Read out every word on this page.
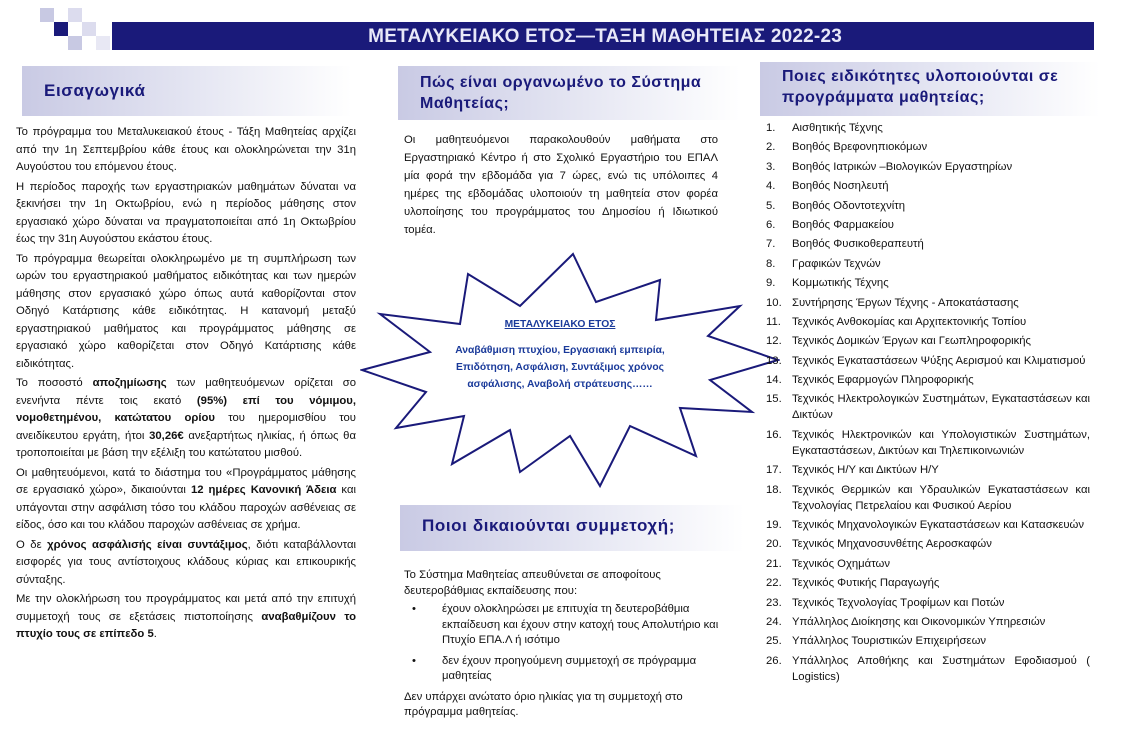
ΜΕΤΑΛΥΚΕΙΑΚΟ ΕΤΟΣ—ΤΑΞΗ ΜΑΘΗΤΕΙΑΣ 2022-23
Εισαγωγικά

Το πρόγραμμα του Μεταλυκειακού έτους - Τάξη Μαθητείας αρχίζει από την 1η Σεπτεμβρίου κάθε έτους και ολοκληρώνεται την 31η Αυγούστου του επόμενου έτους.

Η περίοδος παροχής των εργαστηριακών μαθημάτων δύναται να ξεκινήσει την 1η Οκτωβρίου, ενώ η περίοδος μάθησης στον εργασιακό χώρο δύναται να πραγματοποιείται από 1η Οκτωβρίου έως την 31η Αυγούστου εκάστου έτους.

Το πρόγραμμα θεωρείται ολοκληρωμένο με τη συμπλήρωση των ωρών του εργαστηριακού μαθήματος ειδικότητας και των ημερών μάθησης στον εργασιακό χώρο όπως αυτά καθορίζονται στον Οδηγό Κατάρτισης κάθε ειδικότητας. Η κατανομή μεταξύ εργαστηριακού μαθήματος και προγράμματος μάθησης σε εργασιακό χώρο καθορίζεται στον Οδηγό Κατάρτισης κάθε ειδικότητας.

Το ποσοστό αποζημίωσης των μαθητευόμενων ορίζεται σο ενενήντα πέντε τοις εκατό (95%) επί του νόμιμου, νομοθετημένου, κατώτατου ορίου του ημερομισθίου του ανειδίκευτου εργάτη, ήτοι 30,26€ ανεξαρτήτως ηλικίας, ή όπως θα τροποποιείται με βάση την εξέλιξη του κατώτατου μισθού.

Οι μαθητευόμενοι, κατά το διάστημα του «Προγράμματος μάθησης σε εργασιακό χώρο», δικαιούνται 12 ημέρες Κανονική Άδεια και υπάγονται στην ασφάλιση τόσο του κλάδου παροχών ασθένειας σε είδος, όσο και του κλάδου παροχών ασθένειας σε χρήμα.

Ο δε χρόνος ασφάλισής είναι συντάξιμος, διότι καταβάλλονται εισφορές για τους αντίστοιχους κλάδους κύριας και επικουρικής σύνταξης.

Με την ολοκλήρωση του προγράμματος και μετά από την επιτυχή συμμετοχή τους σε εξετάσεις πιστοποίησης αναβαθμίζουν το πτυχίο τους σε επίπεδο 5.

Πώς είναι οργανωμένο το Σύστημα Μαθητείας;
Οι μαθητευόμενοι παρακολουθούν μαθήματα στο Εργαστηριακό Κέντρο ή στο Σχολικό Εργαστήριο του ΕΠΑΛ μία φορά την εβδομάδα για 7 ώρες, ενώ τις υπόλοιπες 4 ημέρες της εβδομάδας υλοποιούν τη μαθητεία στον φορέα υλοποίησης του προγράμματος του Δημοσίου ή Ιδιωτικού τομέα.
ΜΕΤΑΛΥΚΕΙΑΚΟ ΕΤΟΣ
Αναβάθμιση πτυχίου, Εργασιακή εμπειρία, Επιδότηση, Ασφάλιση, Συντάξιμος χρόνος ασφάλισης, Αναβολή στράτευσης……
Ποιοι δικαιούνται συμμετοχή;

Το Σύστημα Μαθητείας απευθύνεται σε αποφοίτους δευτεροβάθμιας εκπαίδευσης που:

• έχουν ολοκληρώσει με επιτυχία τη δευτεροβάθμια εκπαίδευση και έχουν στην κατοχή τους Απολυτήριο και Πτυχίο ΕΠΑ.Λ ή ισότιμο
• δεν έχουν προηγούμενη συμμετοχή σε πρόγραμμα μαθητείας

Δεν υπάρχει ανώτατο όριο ηλικίας για τη συμμετοχή στο πρόγραμμα μαθητείας.

Ποιες ειδικότητες υλοποιούνται σε προγράμματα μαθητείας;
1.	Αισθητικής Τέχνης
2.	Βοηθός Βρεφονηπιοκόμων
3.	Βοηθός Ιατρικών –Βιολογικών Εργαστηρίων
4.	Βοηθός Νοσηλευτή
5.	Βοηθός Οδοντοτεχνίτη
6.	Βοηθός Φαρμακείου
7.	Βοηθός Φυσικοθεραπευτή
8.	Γραφικών Τεχνών
9.	Κομμωτικής Τέχνης
10. Συντήρησης Έργων Τέχνης - Αποκατάστασης
11. Τεχνικός Ανθοκομίας και Αρχιτεκτονικής Τοπίου
12. Τεχνικός Δομικών Έργων και Γεωπληροφορικής
13. Τεχνικός Εγκαταστάσεων Ψύξης Αερισμού και Κλιματισμού
14. Τεχνικός Εφαρμογών Πληροφορικής
15. Τεχνικός Ηλεκτρολογικών Συστημάτων, Εγκαταστάσεων και Δικτύων
16. Τεχνικός Ηλεκτρονικών και Υπολογιστικών Συστημάτων, Εγκαταστάσεων, Δικτύων και Τηλεπικοινωνιών
17. Τεχνικός Η/Υ και Δικτύων Η/Υ
18. Τεχνικός Θερμικών και Υδραυλικών Εγκαταστάσεων και Τεχνολογίας Πετρελαίου και Φυσικού Αερίου
19. Τεχνικός Μηχανολογικών Εγκαταστάσεων και Κατασκευών
20. Τεχνικός Μηχανοσυνθέτης Αεροσκαφών
21. Τεχνικός Οχημάτων
22. Τεχνικός Φυτικής Παραγωγής
23. Τεχνικός Τεχνολογίας Τροφίμων και Ποτών
24. Υπάλληλος Διοίκησης και Οικονομικών Υπηρεσιών
25. Υπάλληλος Τουριστικών Επιχειρήσεων
26. Υπάλληλος Αποθήκης και Συστημάτων Εφοδιασμού ( Logistics)
